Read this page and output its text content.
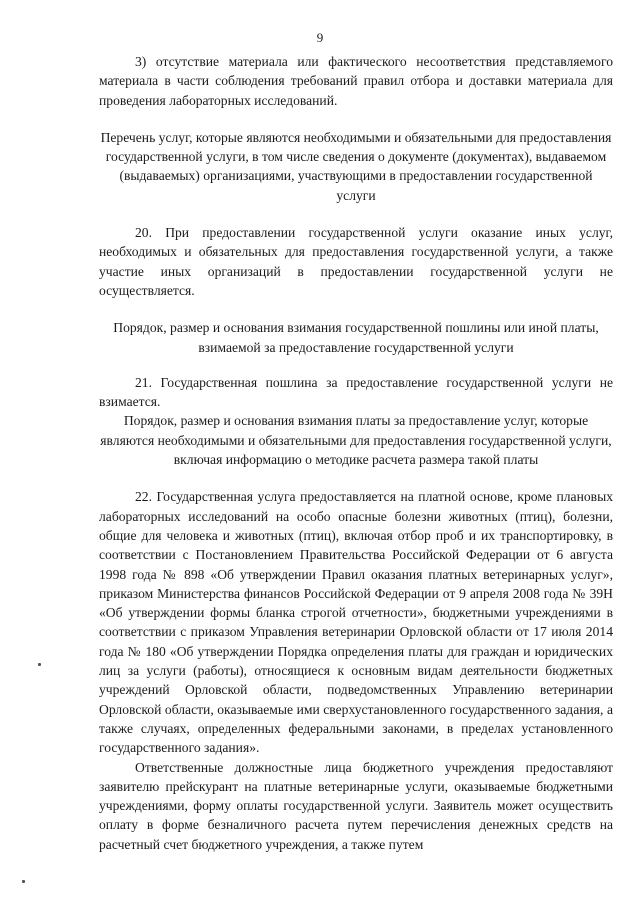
9

3) отсутствие материала или фактического несоответствия представляемого материала в части соблюдения требований правил отбора и доставки материала для проведения лабораторных исследований.

Перечень услуг, которые являются необходимыми и обязательными для предоставления государственной услуги, в том числе сведения о документе (документах), выдаваемом (выдаваемых) организациями, участвующими в предоставлении государственной услуги

20. При предоставлении государственной услуги оказание иных услуг, необходимых и обязательных для предоставления государственной услуги, а также участие иных организаций в предоставлении государственной услуги не осуществляется.

Порядок, размер и основания взимания государственной пошлины или иной платы, взимаемой за предоставление государственной услуги

21. Государственная пошлина за предоставление государственной услуги не взимается.

Порядок, размер и основания взимания платы за предоставление услуг, которые являются необходимыми и обязательными для предоставления государственной услуги, включая информацию о методике расчета размера такой платы

22. Государственная услуга предоставляется на платной основе, кроме плановых лабораторных исследований на особо опасные болезни животных (птиц), болезни, общие для человека и животных (птиц), включая отбор проб и их транспортировку, в соответствии с Постановлением Правительства Российской Федерации от 6 августа 1998 года № 898 «Об утверждении Правил оказания платных ветеринарных услуг», приказом Министерства финансов Российской Федерации от 9 апреля 2008 года № 39Н «Об утверждении формы бланка строгой отчетности», бюджетными учреждениями в соответствии с приказом Управления ветеринарии Орловской области от 17 июля 2014 года № 180 «Об утверждении Порядка определения платы для граждан и юридических лиц за услуги (работы), относящиеся к основным видам деятельности бюджетных учреждений Орловской области, подведомственных Управлению ветеринарии Орловской области, оказываемые ими сверхустановленного государственного задания, а также случаях, определенных федеральными законами, в пределах установленного государственного задания».

Ответственные должностные лица бюджетного учреждения предоставляют заявителю прейскурант на платные ветеринарные услуги, оказываемые бюджетными учреждениями, форму оплаты государственной услуги. Заявитель может осуществить оплату в форме безналичного расчета путем перечисления денежных средств на расчетный счет бюджетного учреждения, а также путем
